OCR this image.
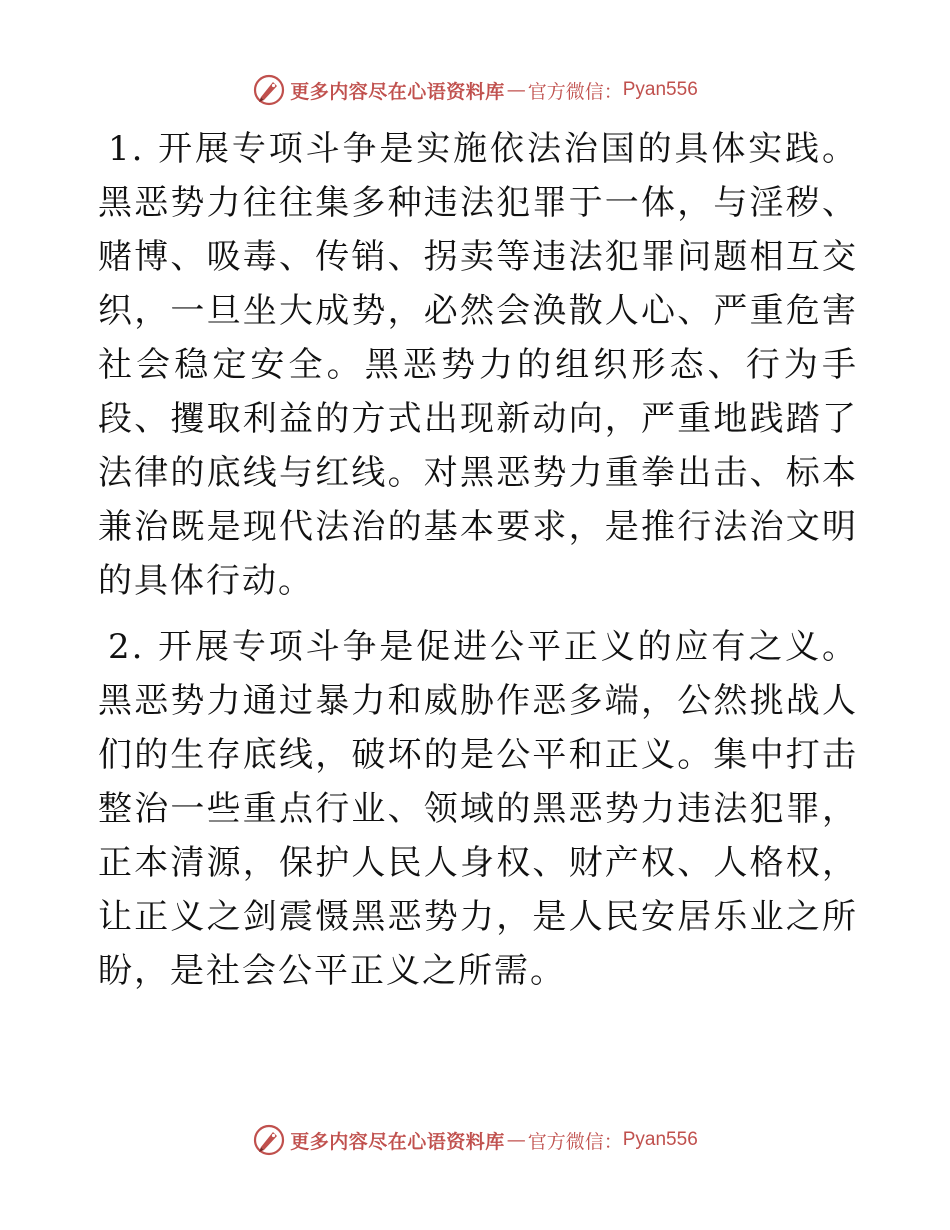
更多内容尽在心语资料库 — 官方微信： Pyan556

1. 开展专项斗争是实施依法治国的具体实践。黑恶势力往往集多种违法犯罪于一体，与淫秽、赌博、吸毒、传销、拐卖等违法犯罪问题相互交织，一旦坐大成势，必然会涣散人心、严重危害社会稳定安全。黑恶势力的组织形态、行为手段、攫取利益的方式出现新动向，严重地践踏了法律的底线与红线。对黑恶势力重拳出击、标本兼治既是现代法治的基本要求，是推行法治文明的具体行动。

2. 开展专项斗争是促进公平正义的应有之义。黑恶势力通过暴力和威胁作恶多端，公然挑战人们的生存底线，破坏的是公平和正义。集中打击整治一些重点行业、领域的黑恶势力违法犯罪，正本清源，保护人民人身权、财产权、人格权，让正义之剑震慑黑恶势力，是人民安居乐业之所盼，是社会公平正义之所需。

更多内容尽在心语资料库 — 官方微信： Pyan556
